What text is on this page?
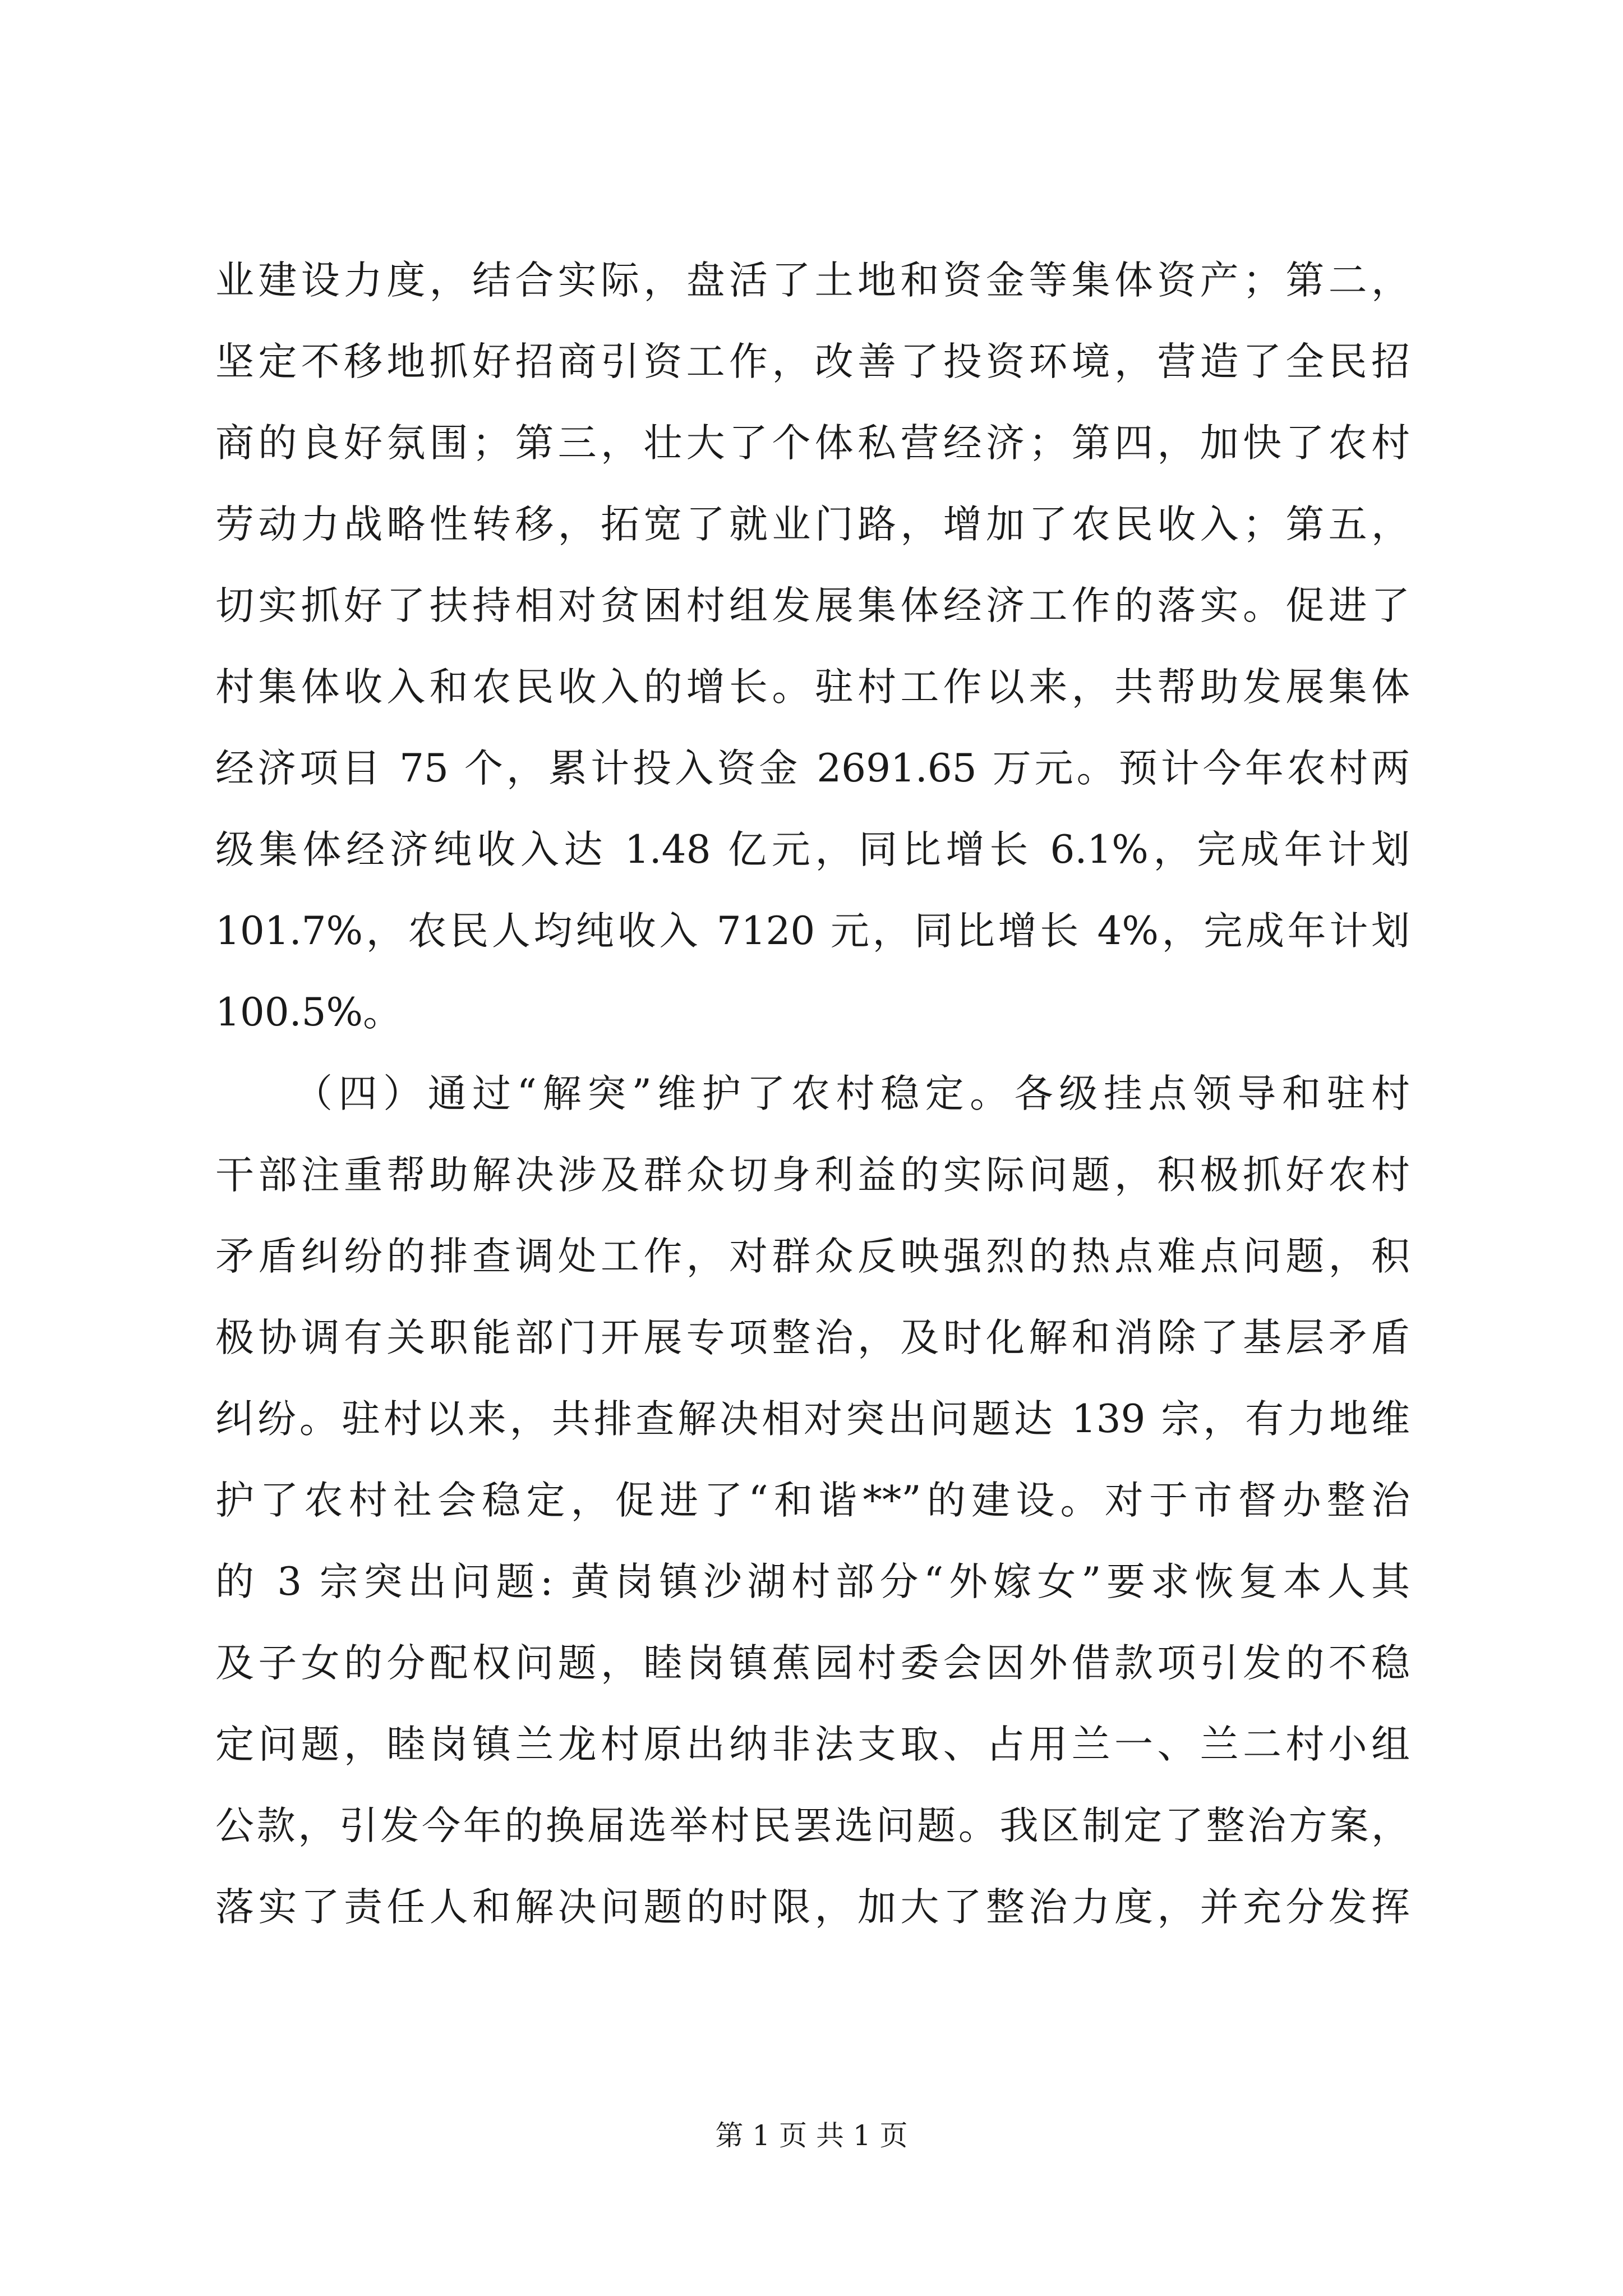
业建设力度，结合实际，盘活了土地和资金等集体资产；第二，
坚定不移地抓好招商引资工作，改善了投资环境，营造了全民招
商的良好氛围；第三，壮大了个体私营经济；第四，加快了农村
劳动力战略性转移，拓宽了就业门路，增加了农民收入；第五，
切实抓好了扶持相对贫困村组发展集体经济工作的落实。促进了
村集体收入和农民收入的增长。驻村工作以来，共帮助发展集体
经济项目 75 个，累计投入资金 2691.65 万元。预计今年农村两
级集体经济纯收入达 1.48 亿元，同比增长 6.1%，完成年计划
101.7%，农民人均纯收入 7120 元，同比增长 4%，完成年计划
100.5%。
（四）通过“解突”维护了农村稳定。各级挂点领导和驻村
干部注重帮助解决涉及群众切身利益的实际问题，积极抓好农村
矛盾纠纷的排查调处工作，对群众反映强烈的热点难点问题，积
极协调有关职能部门开展专项整治，及时化解和消除了基层矛盾
纠纷。驻村以来，共排查解决相对突出问题达 139 宗，有力地维
护了农村社会稳定，促进了“和谐**”的建设。对于市督办整治
的 3 宗突出问题: 黄岗镇沙湖村部分“外嫁女”要求恢复本人其
及子女的分配权问题，睦岗镇蕉园村委会因外借款项引发的不稳
定问题，睦岗镇兰龙村原出纳非法支取、占用兰一、兰二村小组
公款，引发今年的换届选举村民罢选问题。我区制定了整治方案，
落实了责任人和解决问题的时限，加大了整治力度，并充分发挥
第 1 页 共 1 页
